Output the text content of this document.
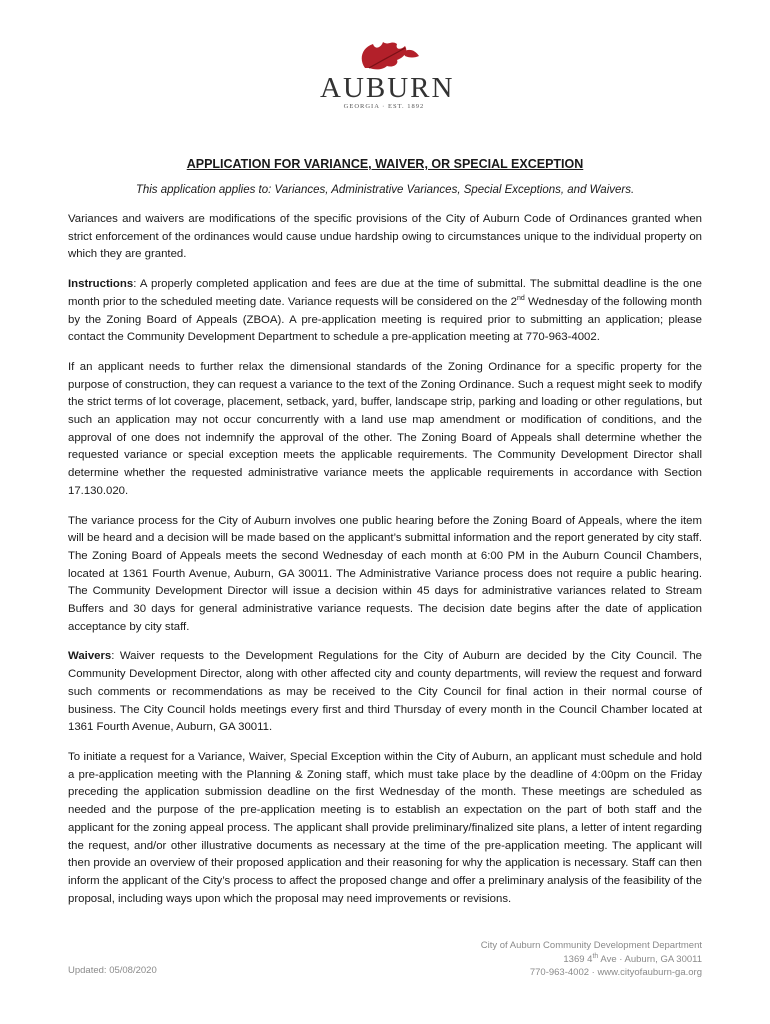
AUBURN
GEORGIA · EST. 1892
APPLICATION FOR VARIANCE, WAIVER, OR SPECIAL EXCEPTION

This application applies to: Variances, Administrative Variances, Special Exceptions, and Waivers.

Variances and waivers are modifications of the specific provisions of the City of Auburn Code of Ordinances granted when strict enforcement of the ordinances would cause undue hardship owing to circumstances unique to the individual property on which they are granted.

Instructions: A properly completed application and fees are due at the time of submittal. The submittal deadline is the one month prior to the scheduled meeting date. Variance requests will be considered on the 2nd Wednesday of the following month by the Zoning Board of Appeals (ZBOA). A pre-application meeting is required prior to submitting an application; please contact the Community Development Department to schedule a pre-application meeting at 770-963-4002.

If an applicant needs to further relax the dimensional standards of the Zoning Ordinance for a specific property for the purpose of construction, they can request a variance to the text of the Zoning Ordinance. Such a request might seek to modify the strict terms of lot coverage, placement, setback, yard, buffer, landscape strip, parking and loading or other regulations, but such an application may not occur concurrently with a land use map amendment or modification of conditions, and the approval of one does not indemnify the approval of the other. The Zoning Board of Appeals shall determine whether the requested variance or special exception meets the applicable requirements. The Community Development Director shall determine whether the requested administrative variance meets the applicable requirements in accordance with Section 17.130.020.

The variance process for the City of Auburn involves one public hearing before the Zoning Board of Appeals, where the item will be heard and a decision will be made based on the applicant’s submittal information and the report generated by city staff. The Zoning Board of Appeals meets the second Wednesday of each month at 6:00 PM in the Auburn Council Chambers, located at 1361 Fourth Avenue, Auburn, GA 30011. The Administrative Variance process does not require a public hearing. The Community Development Director will issue a decision within 45 days for administrative variances related to Stream Buffers and 30 days for general administrative variance requests. The decision date begins after the date of application acceptance by city staff.

Waivers: Waiver requests to the Development Regulations for the City of Auburn are decided by the City Council. The Community Development Director, along with other affected city and county departments, will review the request and forward such comments or recommendations as may be received to the City Council for final action in their normal course of business. The City Council holds meetings every first and third Thursday of every month in the Council Chamber located at 1361 Fourth Avenue, Auburn, GA 30011.

To initiate a request for a Variance, Waiver, Special Exception within the City of Auburn, an applicant must schedule and hold a pre-application meeting with the Planning & Zoning staff, which must take place by the deadline of 4:00pm on the Friday preceding the application submission deadline on the first Wednesday of the month. These meetings are scheduled as needed and the purpose of the pre-application meeting is to establish an expectation on the part of both staff and the applicant for the zoning appeal process. The applicant shall provide preliminary/finalized site plans, a letter of intent regarding the request, and/or other illustrative documents as necessary at the time of the pre-application meeting. The applicant will then provide an overview of their proposed application and their reasoning for why the application is necessary. Staff can then inform the applicant of the City’s process to affect the proposed change and offer a preliminary analysis of the feasibility of the proposal, including ways upon which the proposal may need improvements or revisions.

Updated: 05/08/2020
City of Auburn Community Development Department
1369 4th Ave · Auburn, GA 30011
770-963-4002 · www.cityofauburn-ga.org
